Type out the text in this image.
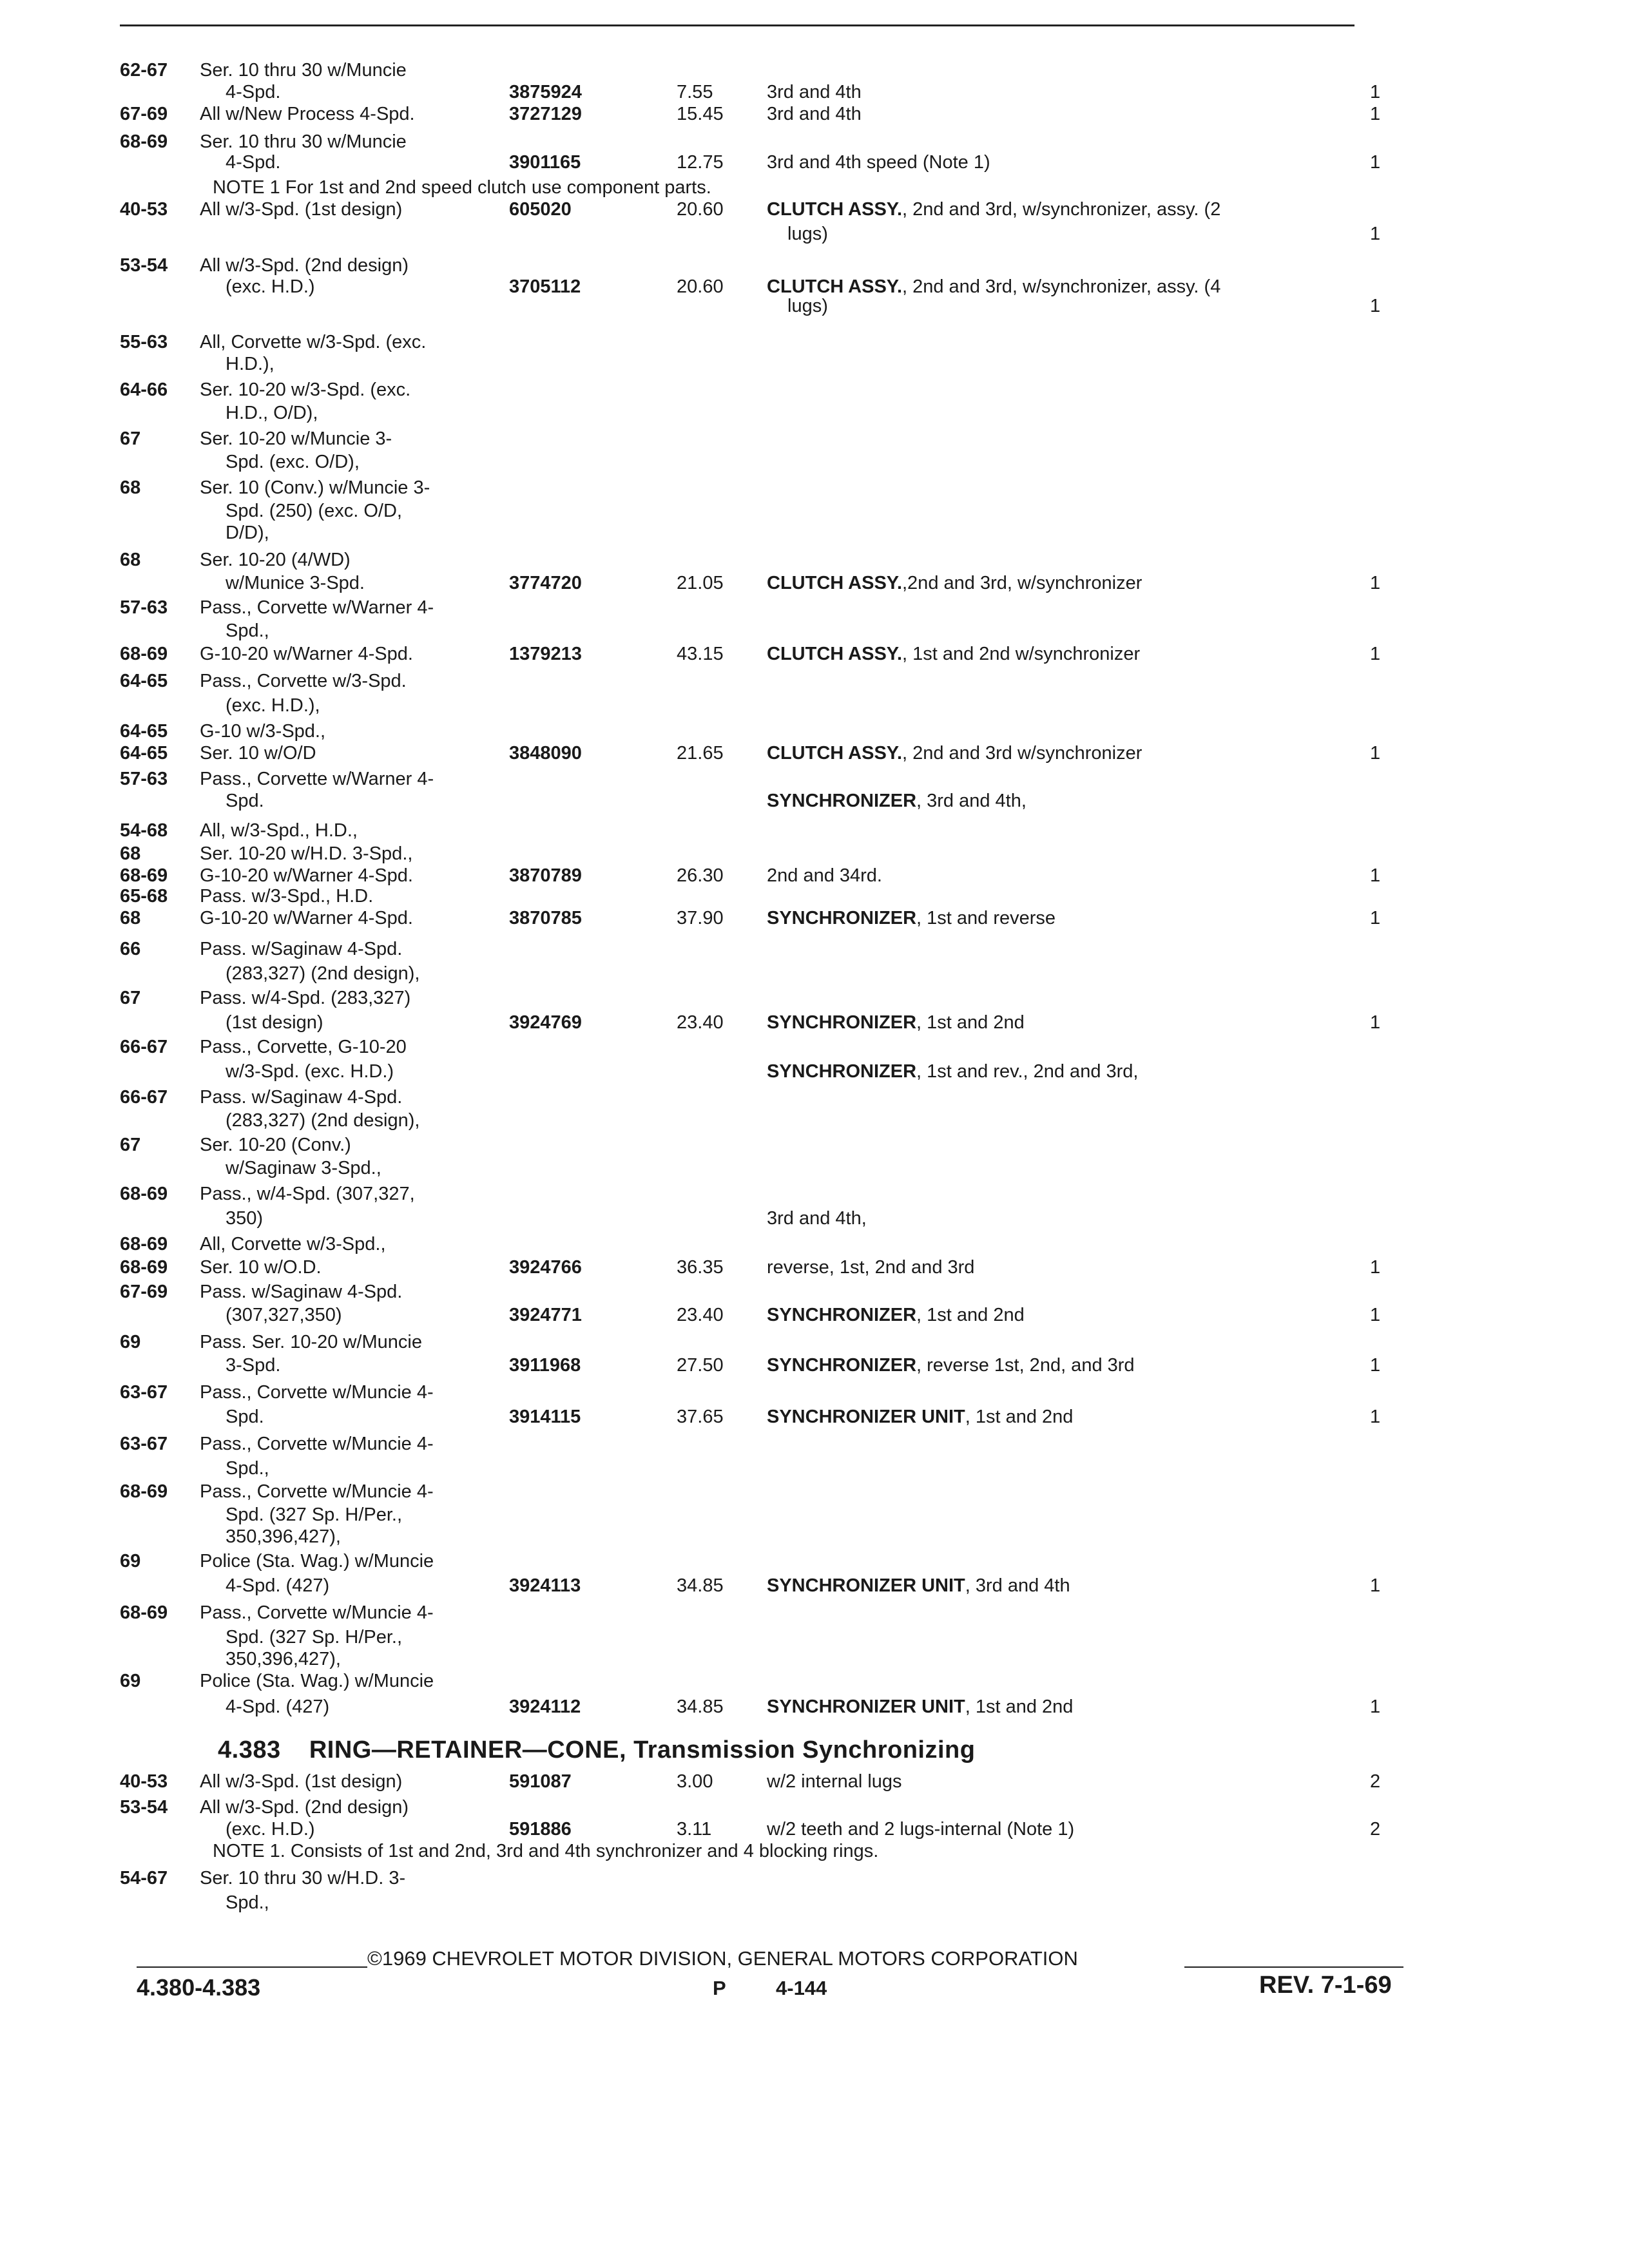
62-67 Ser. 10 thru 30 w/Muncie
4-Spd.	3875924	7.55	3rd and 4th	1
67-69 All w/New Process 4-Spd.	3727129	15.45 3rd and 4th	1
68-69 Ser. 10 thru 30 w/Muncie
4-Spd.	3901165	12.75 3rd and 4th speed (Note 1)	1
NOTE 1 For 1st and 2nd speed clutch use component parts.
40-53 All w/3-Spd. (1st design)	605020	20.60 CLUTCH ASSY., 2nd and 3rd, w/synchronizer, assy. (2
lugs)	1
53-54 All w/3-Spd. (2nd design)
(exc. H.D.)	3705112	20.60 CLUTCH ASSY., 2nd and 3rd, w/synchronizer, assy. (4
lugs)	1
55-63 All, Corvette w/3-Spd. (exc.
H.D.),
64-66 Ser. 10-20 w/3-Spd. (exc.
H.D., O/D),
67	Ser. 10-20 w/Muncie 3-
Spd. (exc. O/D),
68	Ser. 10 (Conv.) w/Muncie 3-
Spd. (250) (exc. O/D,
D/D),
68	Ser. 10-20 (4/WD)
w/Munice 3-Spd.	3774720	21.05 CLUTCH ASSY.,2nd and 3rd, w/synchronizer	1
57-63 Pass., Corvette w/Warner 4-
Spd.,
68-69 G-10-20 w/Warner 4-Spd.	1379213	43.15 CLUTCH ASSY., 1st and 2nd w/synchronizer	1
64-65 Pass., Corvette w/3-Spd.
(exc. H.D.),
64-65 G-10 w/3-Spd.,
64-65 Ser. 10 w/O/D	3848090	21.65 CLUTCH ASSY., 2nd and 3rd w/synchronizer	1
57-63 Pass., Corvette w/Warner 4-
Spd.	SYNCHRONIZER, 3rd and 4th,
54-68 All, w/3-Spd., H.D.,
68	Ser. 10-20 w/H.D. 3-Spd.,
68-69 G-10-20 w/Warner 4-Spd.	3870789	26.30 2nd and 34rd.	1
65-68 Pass. w/3-Spd., H.D.
68	G-10-20 w/Warner 4-Spd.	3870785	37.90 SYNCHRONIZER, 1st and reverse	1
66	Pass. w/Saginaw 4-Spd.
(283,327) (2nd design),
67	Pass. w/4-Spd. (283,327)
(1st design)	3924769	23.40 SYNCHRONIZER, 1st and 2nd	1
66-67 Pass., Corvette, G-10-20
w/3-Spd. (exc. H.D.)	SYNCHRONIZER, 1st and rev., 2nd and 3rd,
66-67 Pass. w/Saginaw 4-Spd.
(283,327) (2nd design),
67	Ser. 10-20 (Conv.)
w/Saginaw 3-Spd.,
68-69 Pass., w/4-Spd. (307,327,
350)	3rd and 4th,
68-69 All, Corvette w/3-Spd.,
68-69 Ser. 10 w/O.D.	3924766	36.35 reverse, 1st, 2nd and 3rd	1
67-69 Pass. w/Saginaw 4-Spd.
(307,327,350)	3924771	23.40 SYNCHRONIZER, 1st and 2nd	1
69	Pass. Ser. 10-20 w/Muncie
3-Spd.	3911968	27.50 SYNCHRONIZER, reverse 1st, 2nd, and 3rd	1
63-67 Pass., Corvette w/Muncie 4-
Spd.	3914115	37.65 SYNCHRONIZER UNIT, 1st and 2nd	1
63-67 Pass., Corvette w/Muncie 4-
Spd.,
68-69 Pass., Corvette w/Muncie 4-
Spd. (327 Sp. H/Per.,
350,396,427),
69	Police (Sta. Wag.) w/Muncie
4-Spd. (427)	3924113	34.85 SYNCHRONIZER UNIT, 3rd and 4th	1
68-69 Pass., Corvette w/Muncie 4-
Spd. (327 Sp. H/Per.,
350,396,427),
69	Police (Sta. Wag.) w/Muncie
4-Spd. (427)	3924112	34.85 SYNCHRONIZER UNIT, 1st and 2nd	1
4.383 RING—RETAINER—CONE, Transmission Synchronizing
40-53 All w/3-Spd. (1st design)	591087	3.00	w/2 internal lugs	2
53-54 All w/3-Spd. (2nd design)
(exc. H.D.)	591886	3.11	w/2 teeth and 2 lugs-internal (Note 1)	2
NOTE 1. Consists of 1st and 2nd, 3rd and 4th synchronizer and 4 blocking rings.
54-67 Ser. 10 thru 30 w/H.D. 3-
Spd.,
©1969 CHEVROLET MOTOR DIVISION, GENERAL MOTORS CORPORATION
4.380-4.383	P 4-144	REV. 7-1-69
